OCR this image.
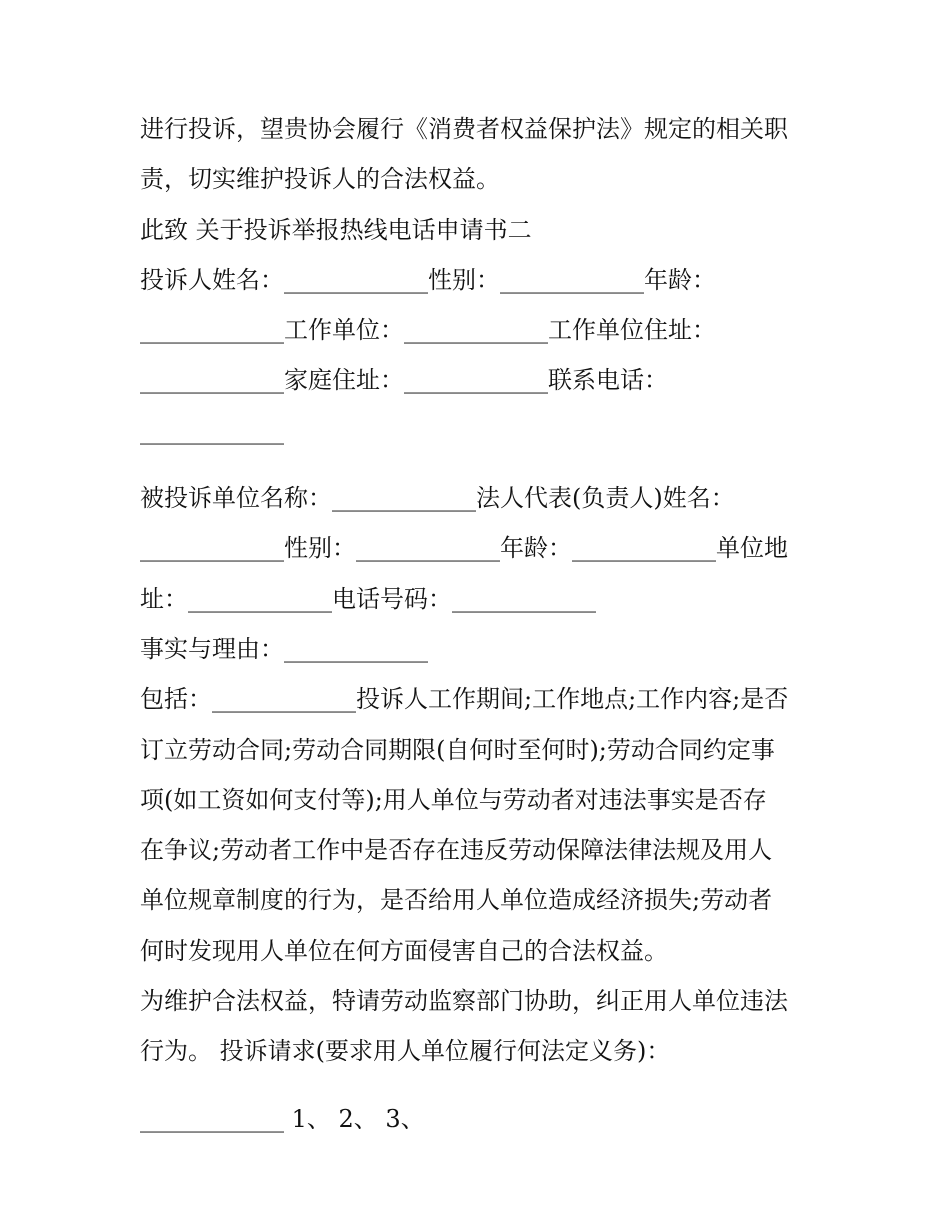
进行投诉，望贵协会履行《消费者权益保护法》规定的相关职
责，切实维护投诉人的合法权益。
此致 关于投诉举报热线电话申请书二
投诉人姓名：____________性别：____________年龄：
____________工作单位：____________工作单位住址：
____________家庭住址：____________联系电话：
____________
被投诉单位名称：____________法人代表(负责人)姓名：
____________性别：____________年龄：____________单位地
址：____________电话号码：____________
事实与理由：____________
包括：____________投诉人工作期间;工作地点;工作内容;是否
订立劳动合同;劳动合同期限(自何时至何时);劳动合同约定事
项(如工资如何支付等);用人单位与劳动者对违法事实是否存
在争议;劳动者工作中是否存在违反劳动保障法律法规及用人
单位规章制度的行为，是否给用人单位造成经济损失;劳动者
何时发现用人单位在何方面侵害自己的合法权益。
为维护合法权益，特请劳动监察部门协助，纠正用人单位违法
行为。 投诉请求(要求用人单位履行何法定义务)：
____________ 1、 2、 3、
